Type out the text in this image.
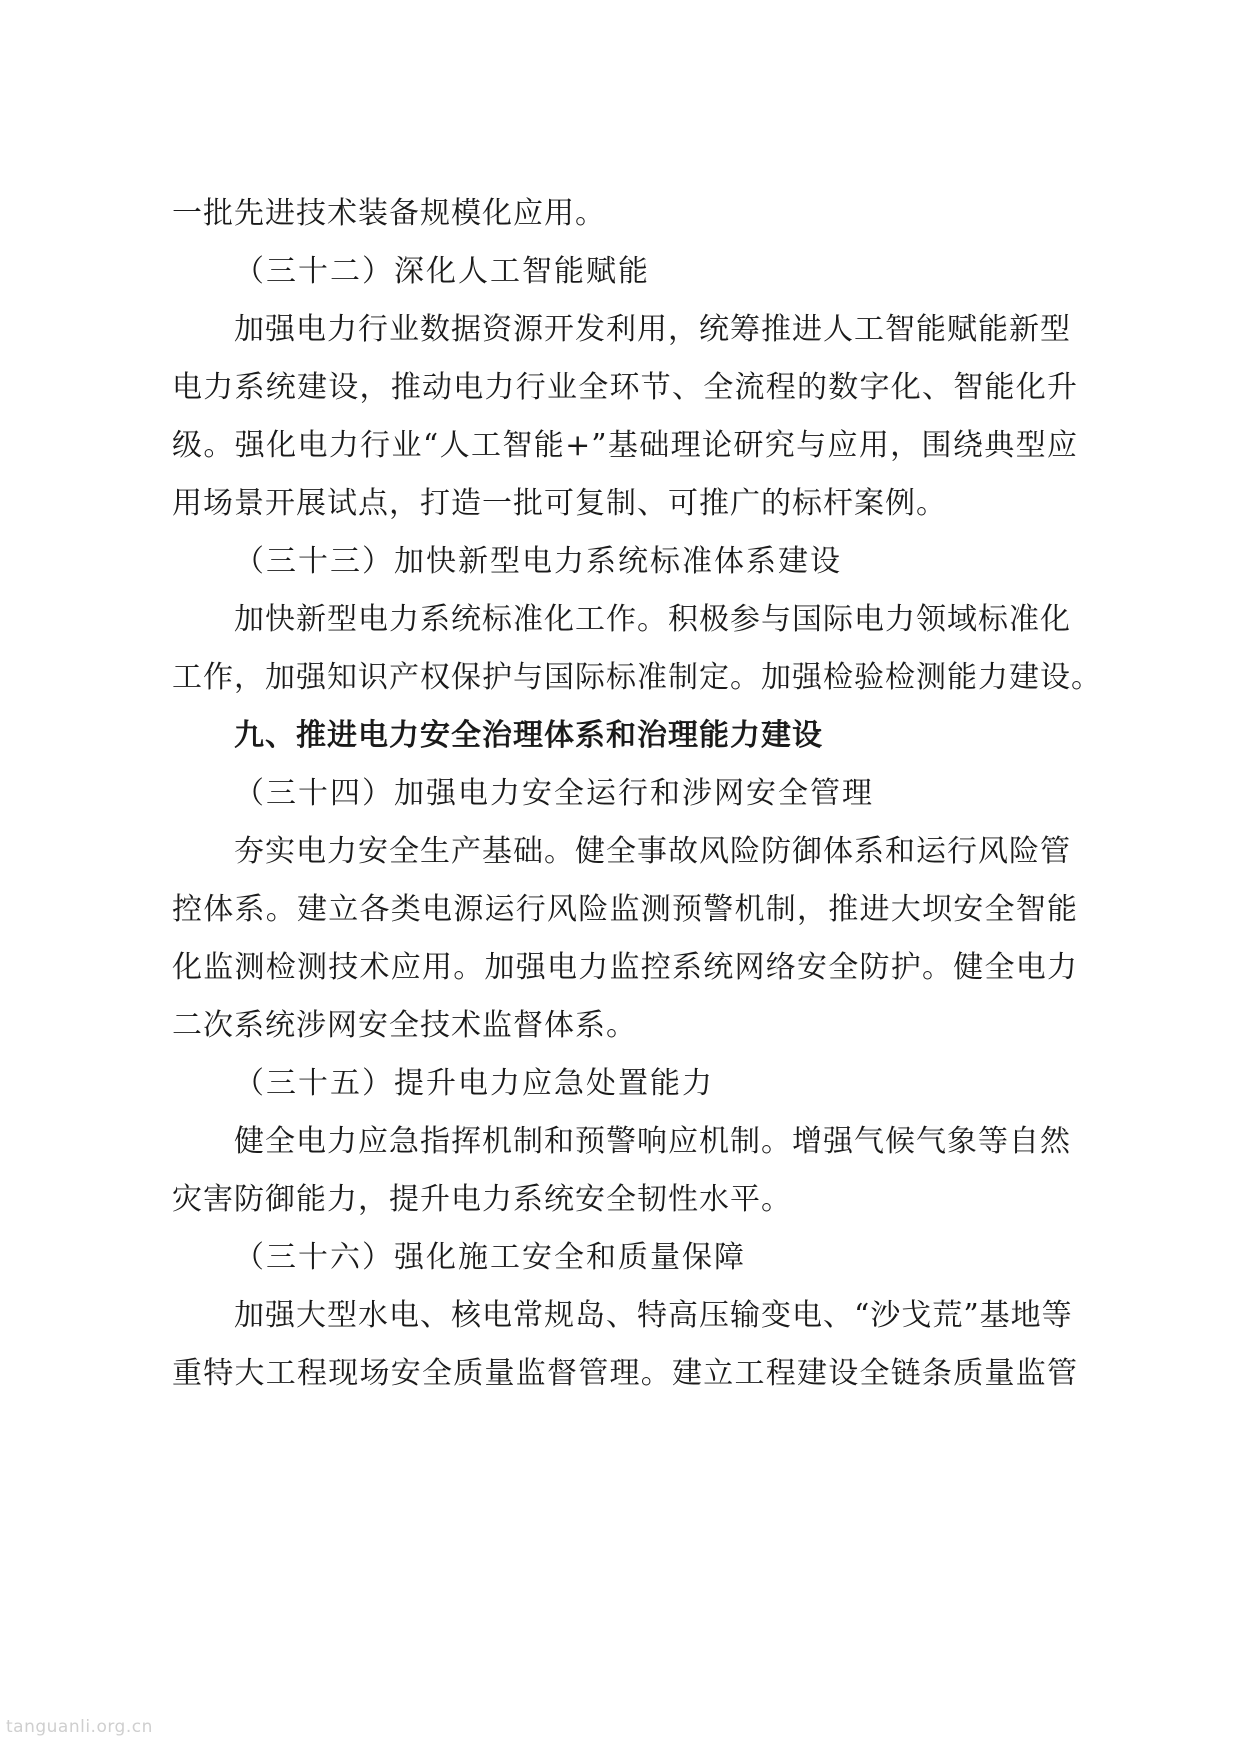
一批先进技术装备规模化应用。
（三十二）深化人工智能赋能
加强电力行业数据资源开发利用，统筹推进人工智能赋能新型
电力系统建设，推动电力行业全环节、全流程的数字化、智能化升
级。强化电力行业“人工智能+”基础理论研究与应用，围绕典型应
用场景开展试点，打造一批可复制、可推广的标杆案例。
（三十三）加快新型电力系统标准体系建设
加快新型电力系统标准化工作。积极参与国际电力领域标准化
工作，加强知识产权保护与国际标准制定。加强检验检测能力建设。
九、推进电力安全治理体系和治理能力建设
（三十四）加强电力安全运行和涉网安全管理
夯实电力安全生产基础。健全事故风险防御体系和运行风险管
控体系。建立各类电源运行风险监测预警机制，推进大坝安全智能
化监测检测技术应用。加强电力监控系统网络安全防护。健全电力
二次系统涉网安全技术监督体系。
（三十五）提升电力应急处置能力
健全电力应急指挥机制和预警响应机制。增强气候气象等自然
灾害防御能力，提升电力系统安全韧性水平。
（三十六）强化施工安全和质量保障
加强大型水电、核电常规岛、特高压输变电、“沙戈荒”基地等
重特大工程现场安全质量监督管理。建立工程建设全链条质量监管
tanguanli.org.cn
